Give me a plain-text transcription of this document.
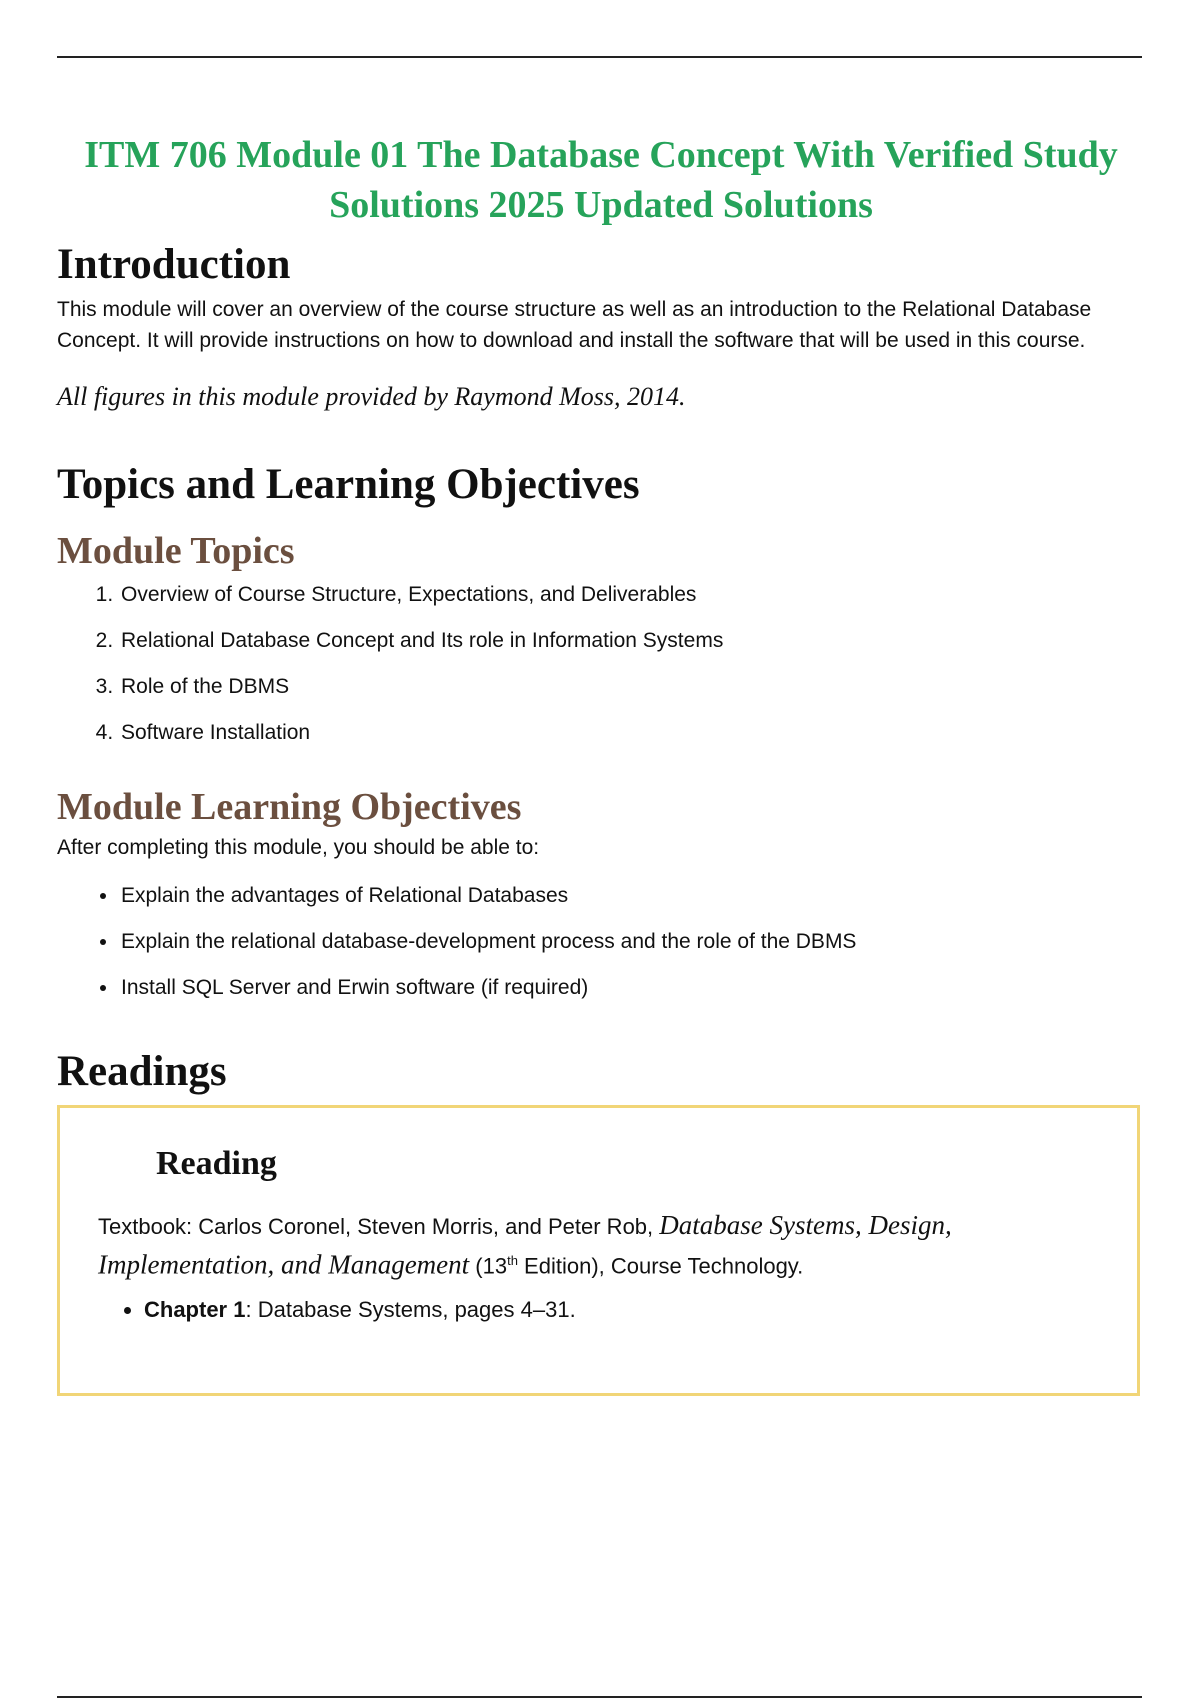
ITM 706 Module 01 The Database Concept With Verified Study Solutions 2025 Updated Solutions
Introduction

This module will cover an overview of the course structure as well as an introduction to the Relational Database Concept. It will provide instructions on how to download and install the software that will be used in this course.

All figures in this module provided by Raymond Moss, 2014.

Topics and Learning Objectives
Module Topics
1. Overview of Course Structure, Expectations, and Deliverables
2. Relational Database Concept and Its role in Information Systems
3. Role of the DBMS
4. Software Installation
Module Learning Objectives

After completing this module, you should be able to:

• Explain the advantages of Relational Databases
• Explain the relational database-development process and the role of the DBMS
• Install SQL Server and Erwin software (if required)
Readings
Reading
Textbook: Carlos Coronel, Steven Morris, and Peter Rob, Database Systems, Design, Implementation, and Management (13th Edition), Course Technology.
• Chapter 1: Database Systems, pages 4–31.
